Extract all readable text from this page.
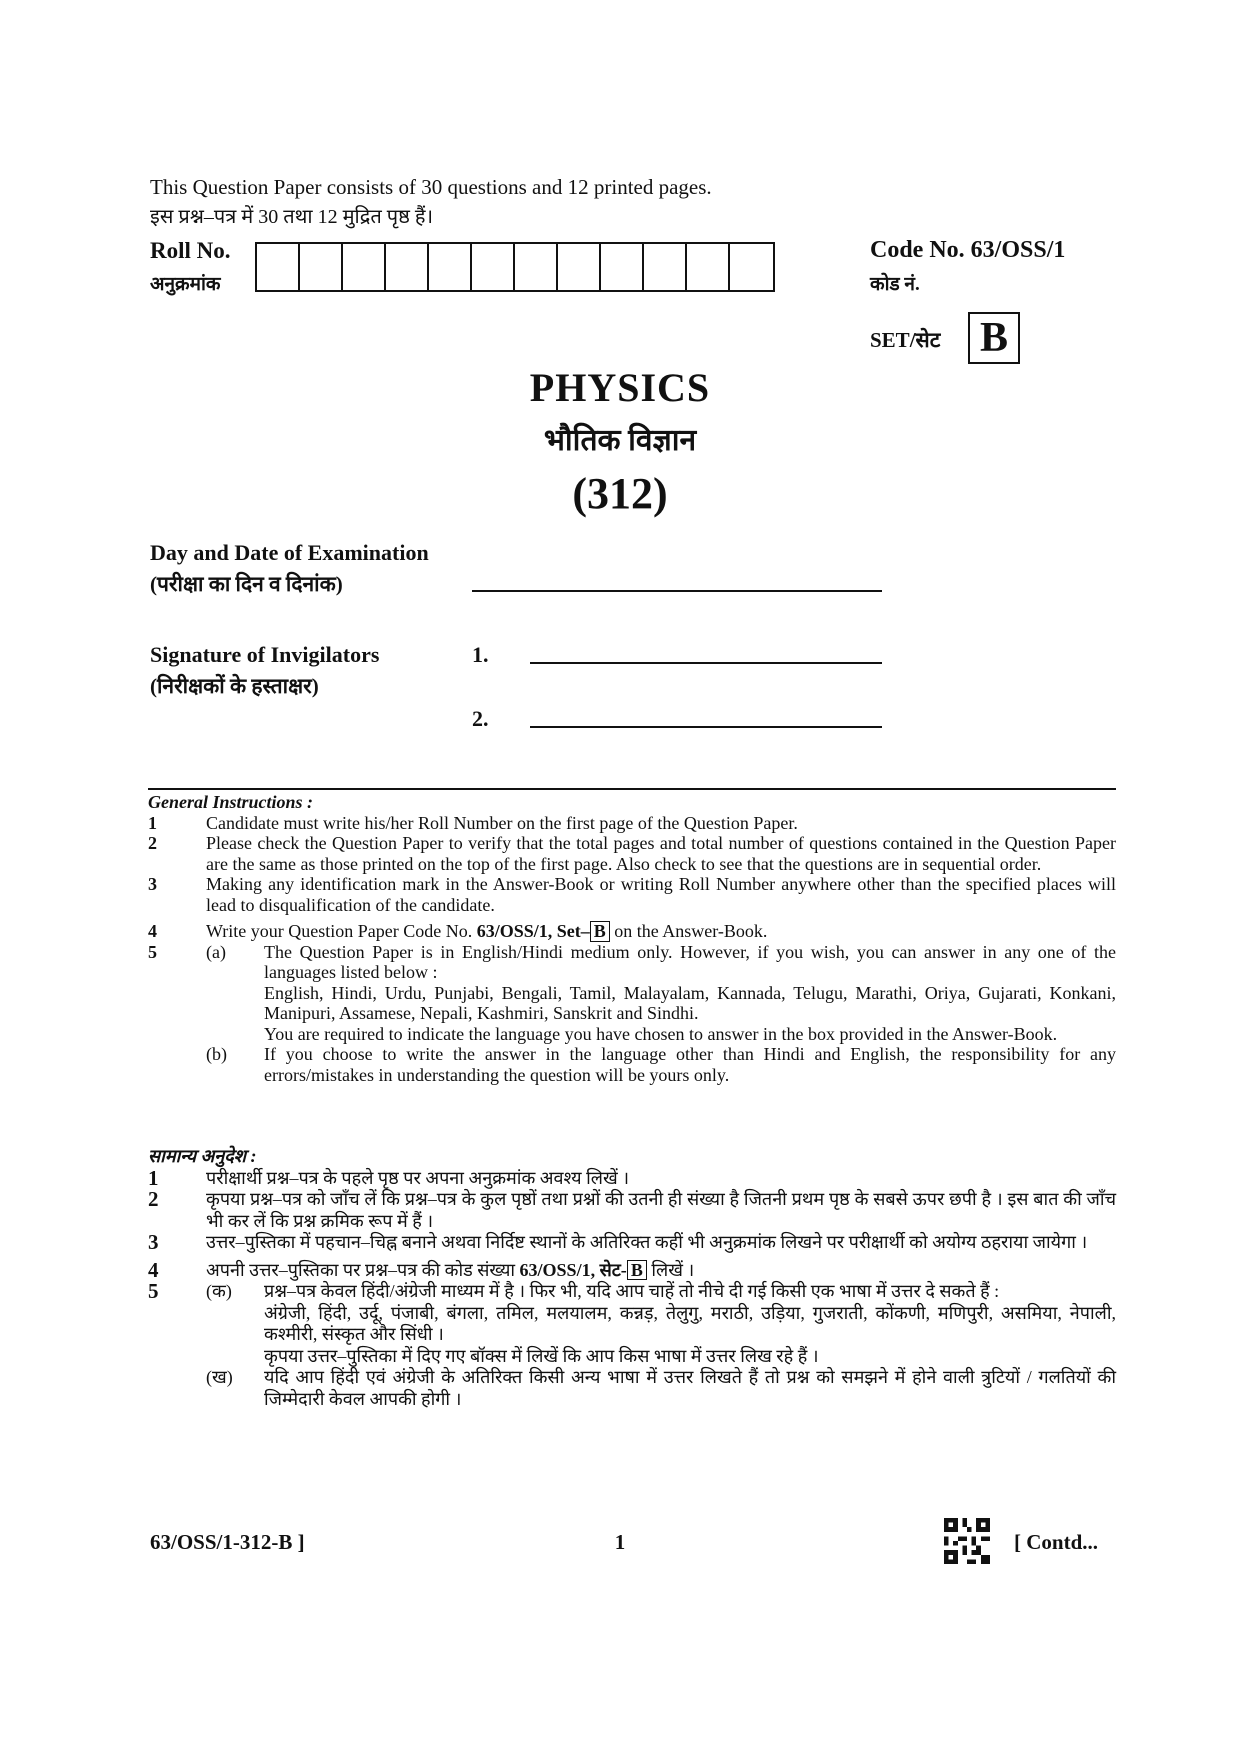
This Question Paper consists of 30 questions and 12 printed pages.
इस प्रश्न–पत्र में 30 तथा 12 मुद्रित पृष्ठ हैं।
Roll No.
अनुक्रमांक
Code No. 63/OSS/1
कोड नं.
SET/सेट B
PHYSICS
भौतिक विज्ञान
(312)
Day and Date of Examination
(परीक्षा का दिन व दिनांक)
Signature of Invigilators
(निरीक्षकों के हस्ताक्षर)
1.
2.
General Instructions :
1	Candidate must write his/her Roll Number on the first page of the Question Paper.
2	Please check the Question Paper to verify that the total pages and total number of questions contained in the Question Paper are the same as those printed on the top of the first page. Also check to see that the questions are in sequential order.
3	Making any identification mark in the Answer-Book or writing Roll Number anywhere other than the specified places will lead to disqualification of the candidate.
4	Write your Question Paper Code No. 63/OSS/1, Set– B on the Answer-Book.
5	(a)	The Question Paper is in English/Hindi medium only. However, if you wish, you can answer in any one of the languages listed below :
English, Hindi, Urdu, Punjabi, Bengali, Tamil, Malayalam, Kannada, Telugu, Marathi, Oriya, Gujarati, Konkani, Manipuri, Assamese, Nepali, Kashmiri, Sanskrit and Sindhi.
You are required to indicate the language you have chosen to answer in the box provided in the Answer-Book.
(b)	If you choose to write the answer in the language other than Hindi and English, the responsibility for any errors/mistakes in understanding the question will be yours only.
सामान्य अनुदेश :
1	परीक्षार्थी प्रश्न–पत्र के पहले पृष्ठ पर अपना अनुक्रमांक अवश्य लिखें ।
2	कृपया प्रश्न–पत्र को जाँच लें कि प्रश्न–पत्र के कुल पृष्ठों तथा प्रश्नों की उतनी ही संख्या है जितनी प्रथम पृष्ठ के सबसे ऊपर छपी है । इस बात की जाँच भी कर लें कि प्रश्न क्रमिक रूप में हैं ।
3	उत्तर–पुस्तिका में पहचान–चिह्न बनाने अथवा निर्दिष्ट स्थानों के अतिरिक्त कहीं भी अनुक्रमांक लिखने पर परीक्षार्थी को अयोग्य ठहराया जायेगा ।
4	अपनी उत्तर–पुस्तिका पर प्रश्न–पत्र की कोड संख्या 63/OSS/1, सेट- B लिखें ।
5	(क)	प्रश्न–पत्र केवल हिंदी/अंग्रेजी माध्यम में है । फिर भी, यदि आप चाहें तो नीचे दी गई किसी एक भाषा में उत्तर दे सकते हैं :
अंग्रेजी, हिंदी, उर्दू, पंजाबी, बंगला, तमिल, मलयालम, कन्नड़, तेलुगु, मराठी, उड़िया, गुजराती, कोंकणी, मणिपुरी, असमिया, नेपाली, कश्मीरी, संस्कृत और सिंधी ।
कृपया उत्तर–पुस्तिका में दिए गए बॉक्स में लिखें कि आप किस भाषा में उत्तर लिख रहे हैं ।
(ख)	यदि आप हिंदी एवं अंग्रेजी के अतिरिक्त किसी अन्य भाषा में उत्तर लिखते हैं तो प्रश्न को समझने में होने वाली त्रुटियों / गलतियों की जिम्मेदारी केवल आपकी होगी ।
63/OSS/1-312-B ]	1	[ Contd...
